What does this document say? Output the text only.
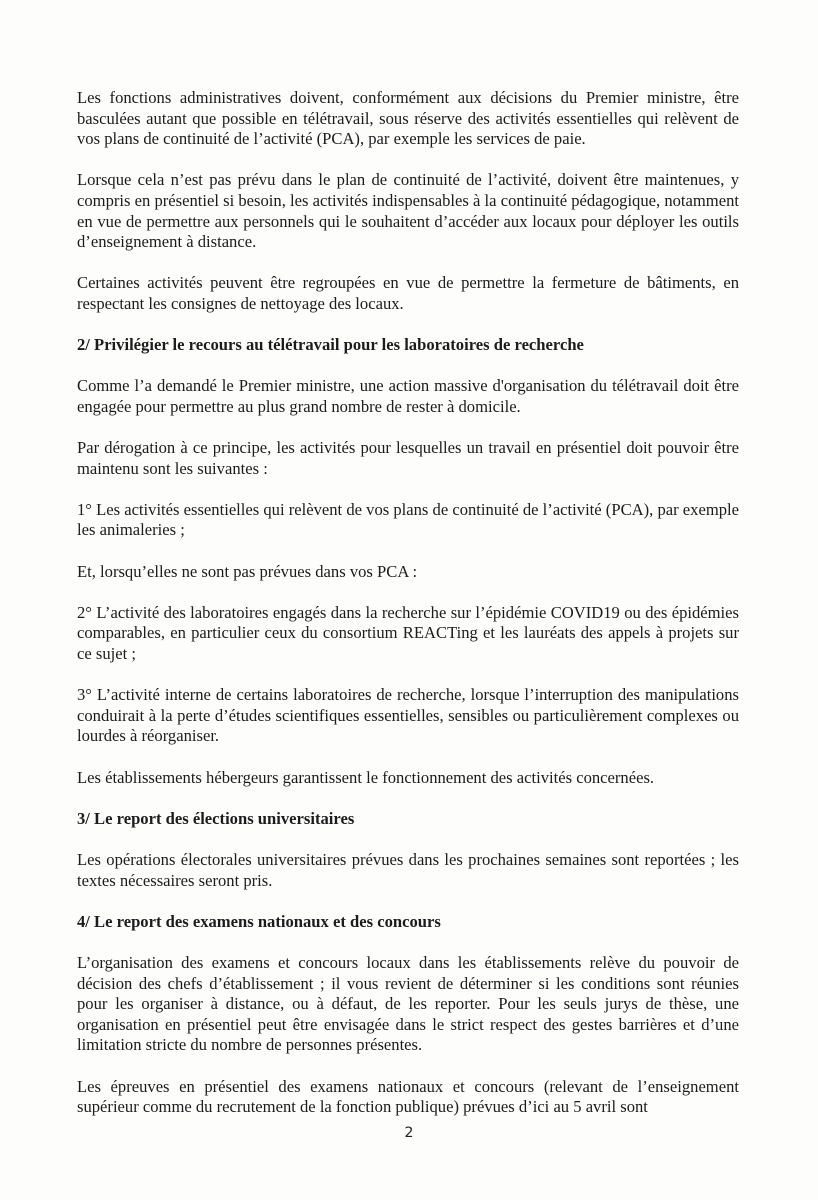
Les fonctions administratives doivent, conformément aux décisions du Premier ministre, être basculées autant que possible en télétravail, sous réserve des activités essentielles qui relèvent de vos plans de continuité de l’activité (PCA), par exemple les services de paie.

Lorsque cela n’est pas prévu dans le plan de continuité de l’activité, doivent être maintenues, y compris en présentiel si besoin, les activités indispensables à la continuité pédagogique, notamment en vue de permettre aux personnels qui le souhaitent d’accéder aux locaux pour déployer les outils d’enseignement à distance.

Certaines activités peuvent être regroupées en vue de permettre la fermeture de bâtiments, en respectant les consignes de nettoyage des locaux.

2/ Privilégier le recours au télétravail pour les laboratoires de recherche

Comme l’a demandé le Premier ministre, une action massive d'organisation du télétravail doit être engagée pour permettre au plus grand nombre de rester à domicile.

Par dérogation à ce principe, les activités pour lesquelles un travail en présentiel doit pouvoir être maintenu sont les suivantes :

1° Les activités essentielles qui relèvent de vos plans de continuité de l’activité (PCA), par exemple les animaleries ;

Et, lorsqu’elles ne sont pas prévues dans vos PCA :

2° L’activité des laboratoires engagés dans la recherche sur l’épidémie COVID19 ou des épidémies comparables, en particulier ceux du consortium REACTing et les lauréats des appels à projets sur ce sujet ;

3° L’activité interne de certains laboratoires de recherche, lorsque l’interruption des manipulations conduirait à la perte d’études scientifiques essentielles, sensibles ou particulièrement complexes ou lourdes à réorganiser.

Les établissements hébergeurs garantissent le fonctionnement des activités concernées.

3/ Le report des élections universitaires

Les opérations électorales universitaires prévues dans les prochaines semaines sont reportées ; les textes nécessaires seront pris.

4/ Le report des examens nationaux et des concours

L’organisation des examens et concours locaux dans les établissements relève du pouvoir de décision des chefs d’établissement ; il vous revient de déterminer si les conditions sont réunies pour les organiser à distance, ou à défaut, de les reporter. Pour les seuls jurys de thèse, une organisation en présentiel peut être envisagée dans le strict respect des gestes barrières et d’une limitation stricte du nombre de personnes présentes.

Les épreuves en présentiel des examens nationaux et concours (relevant de l’enseignement supérieur comme du recrutement de la fonction publique) prévues d’ici au 5 avril sont

2
